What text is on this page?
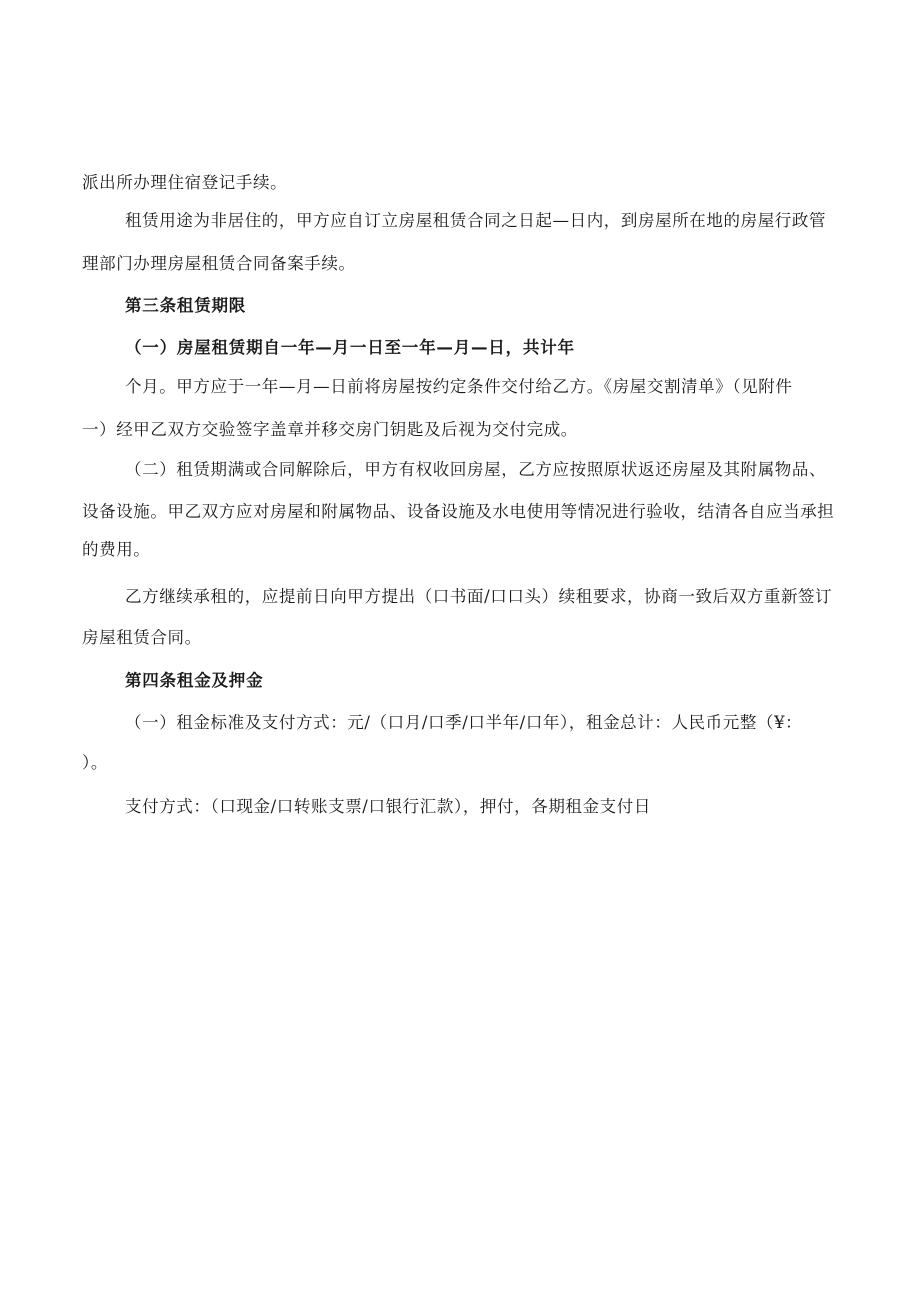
派出所办理住宿登记手续。
租赁用途为非居住的，甲方应自订立房屋租赁合同之日起—日内，到房屋所在地的房屋行政管
理部门办理房屋租赁合同备案手续。
第三条租赁期限
（一）房屋租赁期自一年—月一日至一年—月—日，共计年
个月。甲方应于一年—月—日前将房屋按约定条件交付给乙方。《房屋交割清单》（见附件
一）经甲乙双方交验签字盖章并移交房门钥匙及后视为交付完成。
（二）租赁期满或合同解除后，甲方有权收回房屋，乙方应按照原状返还房屋及其附属物品、
设备设施。甲乙双方应对房屋和附属物品、设备设施及水电使用等情况进行验收，结清各自应当承担
的费用。
乙方继续承租的，应提前日向甲方提出（口书面/口口头）续租要求，协商一致后双方重新签订
房屋租赁合同。
第四条租金及押金
（一）租金标准及支付方式：元/（口月/口季/口半年/口年），租金总计：人民币元整（¥：
）。
支付方式：（口现金/口转账支票/口银行汇款），押付，各期租金支付日
